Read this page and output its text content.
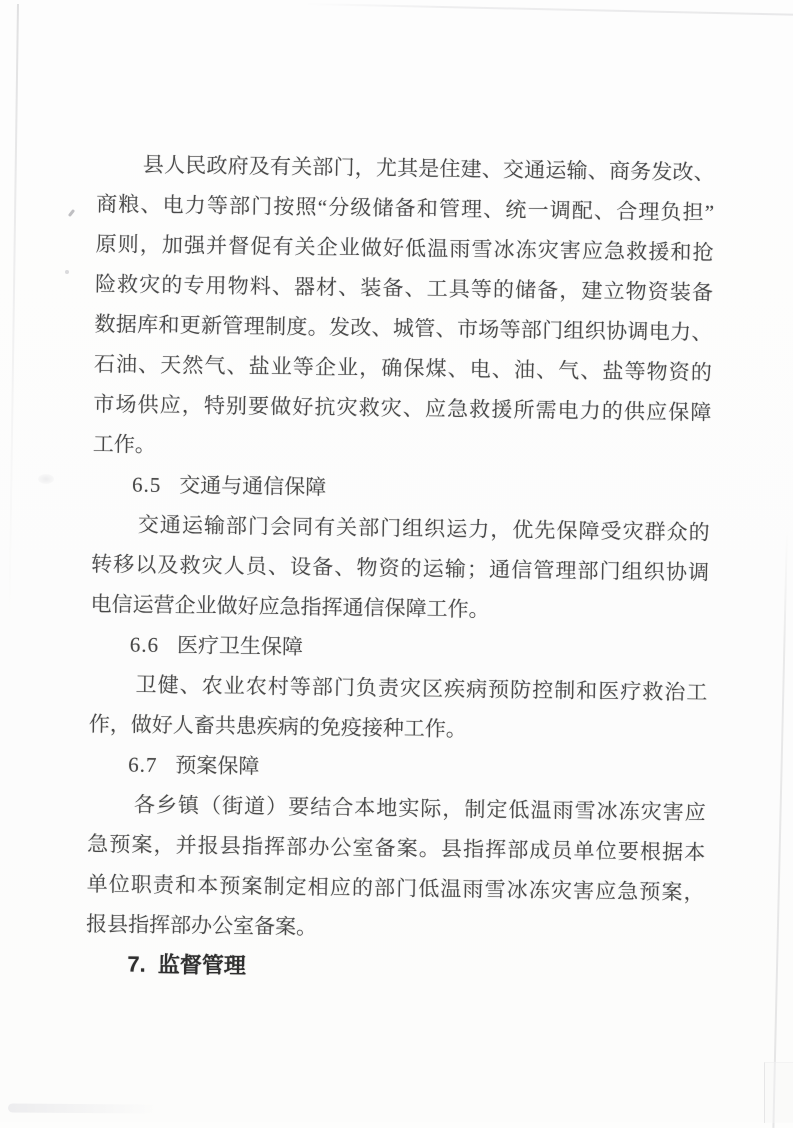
县人民政府及有关部门，尤其是住建、交通运输、商务发改、
商粮、电力等部门按照“分级储备和管理、统一调配、合理负担”
原则，加强并督促有关企业做好低温雨雪冰冻灾害应急救援和抢
险救灾的专用物料、器材、装备、工具等的储备，建立物资装备
数据库和更新管理制度。发改、城管、市场等部门组织协调电力、
石油、天然气、盐业等企业，确保煤、电、油、气、盐等物资的
市场供应，特别要做好抗灾救灾、应急救援所需电力的供应保障
工作。
6.5 交通与通信保障
交通运输部门会同有关部门组织运力，优先保障受灾群众的
转移以及救灾人员、设备、物资的运输；通信管理部门组织协调
电信运营企业做好应急指挥通信保障工作。
6.6 医疗卫生保障
卫健、农业农村等部门负责灾区疾病预防控制和医疗救治工
作，做好人畜共患疾病的免疫接种工作。
6.7 预案保障
各乡镇（街道）要结合本地实际，制定低温雨雪冰冻灾害应
急预案，并报县指挥部办公室备案。县指挥部成员单位要根据本
单位职责和本预案制定相应的部门低温雨雪冰冻灾害应急预案，
报县指挥部办公室备案。
7. 监督管理
